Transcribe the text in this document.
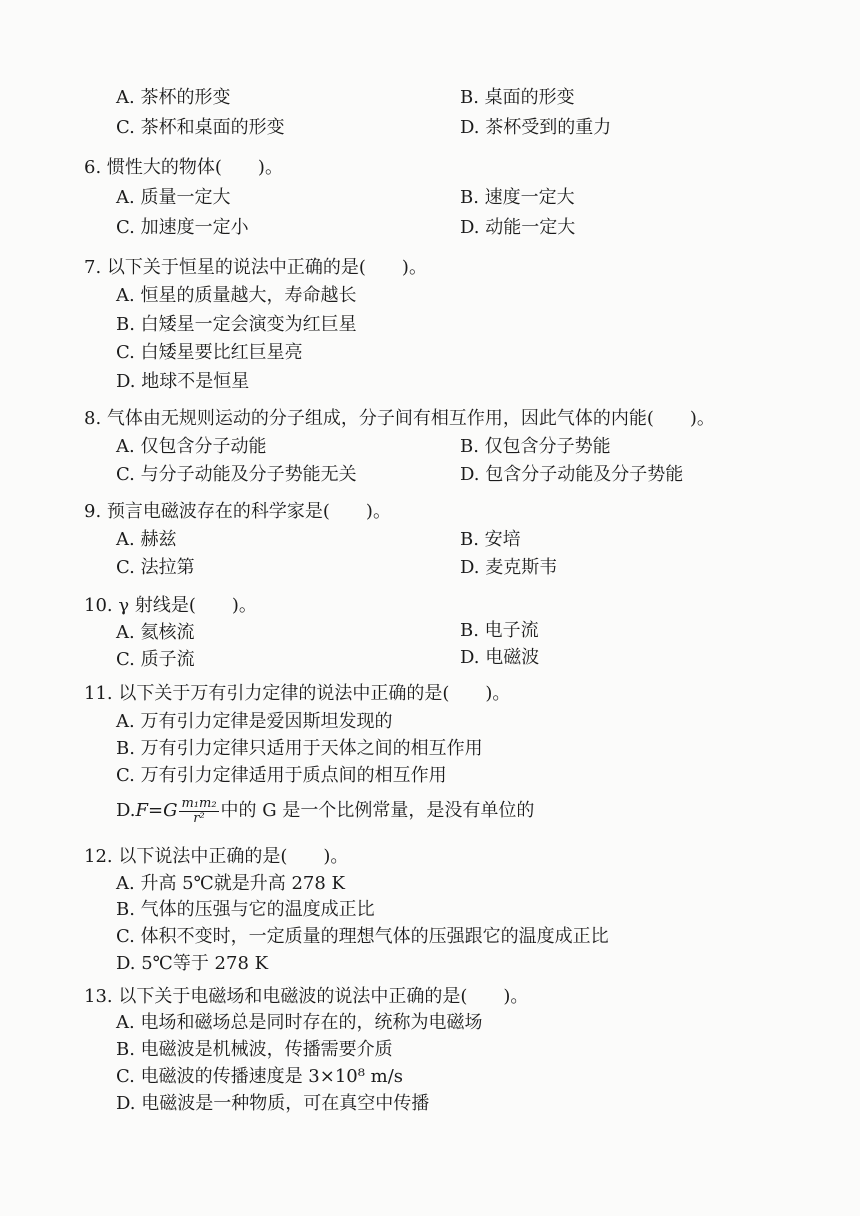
A. 茶杯的形变	B. 桌面的形变
C. 茶杯和桌面的形变	D. 茶杯受到的重力
6. 惯性大的物体(　　)。
A. 质量一定大	B. 速度一定大
C. 加速度一定小	D. 动能一定大
7. 以下关于恒星的说法中正确的是(　　)。
A. 恒星的质量越大，寿命越长
B. 白矮星一定会演变为红巨星
C. 白矮星要比红巨星亮
D. 地球不是恒星
8. 气体由无规则运动的分子组成，分子间有相互作用，因此气体的内能(　　)。
A. 仅包含分子动能	B. 仅包含分子势能
C. 与分子动能及分子势能无关	D. 包含分子动能及分子势能
9. 预言电磁波存在的科学家是(　　)。
A. 赫兹	B. 安培
C. 法拉第	D. 麦克斯韦
10. γ 射线是(　　)。
A. 氦核流	B. 电子流
C. 质子流	D. 电磁波
11. 以下关于万有引力定律的说法中正确的是(　　)。
A. 万有引力定律是爱因斯坦发现的
B. 万有引力定律只适用于天体之间的相互作用
C. 万有引力定律适用于质点间的相互作用
D. $F=G \frac{\text{m₁m₂}}{\text{r²}}$ 中的 G 是一个比例常量，是没有单位的
12. 以下说法中正确的是(　　)。
A. 升高 5℃就是升高 278 K
B. 气体的压强与它的温度成正比
C. 体积不变时，一定质量的理想气体的压强跟它的温度成正比
D. 5℃等于 278 K
13. 以下关于电磁场和电磁波的说法中正确的是(　　)。
A. 电场和磁场总是同时存在的，统称为电磁场
B. 电磁波是机械波，传播需要介质
C. 电磁波的传播速度是 3×10⁸ m/s
D. 电磁波是一种物质，可在真空中传播
